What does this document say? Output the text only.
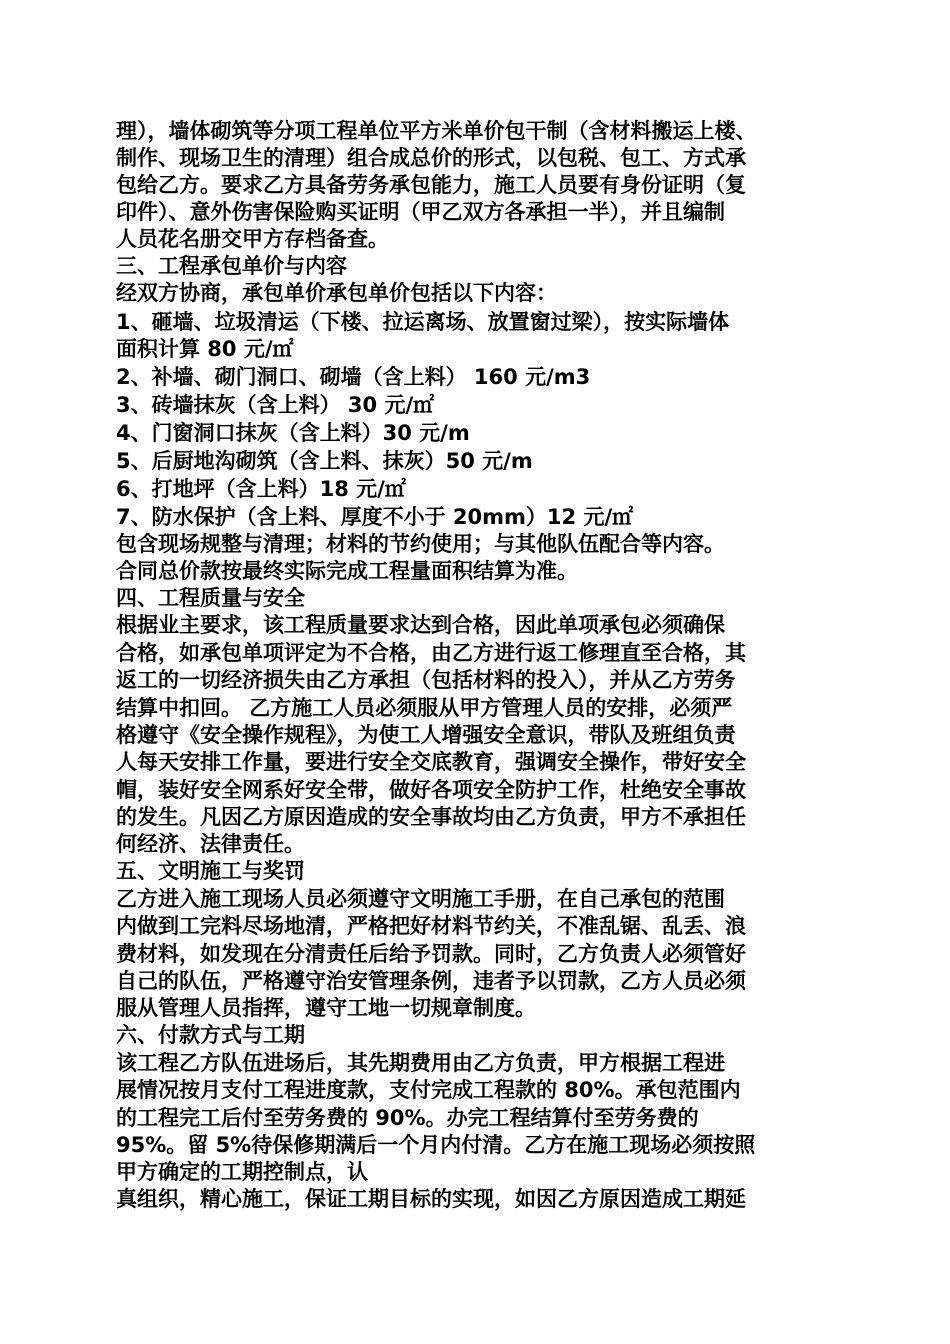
理），墙体砌筑等分项工程单位平方米单价包干制（含材料搬运上楼、
制作、现场卫生的清理）组合成总价的形式，以包税、包工、方式承
包给乙方。要求乙方具备劳务承包能力，施工人员要有身份证明（复
印件）、意外伤害保险购买证明（甲乙双方各承担一半），并且编制
人员花名册交甲方存档备查。
三、工程承包单价与内容
经双方协商，承包单价承包单价包括以下内容：
1、砸墙、垃圾清运（下楼、拉运离场、放置窗过梁），按实际墙体
面积计算 80 元/㎡
2、补墙、砌门洞口、砌墙（含上料） 160 元/m3
3、砖墙抹灰（含上料） 30 元/㎡
4、门窗洞口抹灰（含上料）30 元/m
5、后厨地沟砌筑（含上料、抹灰）50 元/m
6、打地坪（含上料）18 元/㎡
7、防水保护（含上料、厚度不小于 20mm）12 元/㎡
包含现场规整与清理；材料的节约使用；与其他队伍配合等内容。
合同总价款按最终实际完成工程量面积结算为准。
四、工程质量与安全
根据业主要求，该工程质量要求达到合格，因此单项承包必须确保
合格，如承包单项评定为不合格，由乙方进行返工修理直至合格，其
返工的一切经济损失由乙方承担（包括材料的投入），并从乙方劳务
结算中扣回。 乙方施工人员必须服从甲方管理人员的安排，必须严
格遵守《安全操作规程》，为使工人增强安全意识，带队及班组负责
人每天安排工作量，要进行安全交底教育，强调安全操作，带好安全
帽，装好安全网系好安全带，做好各项安全防护工作，杜绝安全事故
的发生。凡因乙方原因造成的安全事故均由乙方负责，甲方不承担任
何经济、法律责任。
五、文明施工与奖罚
乙方进入施工现场人员必须遵守文明施工手册，在自己承包的范围
内做到工完料尽场地清，严格把好材料节约关，不准乱锯、乱丢、浪
费材料，如发现在分清责任后给予罚款。同时，乙方负责人必须管好
自己的队伍，严格遵守治安管理条例，违者予以罚款，乙方人员必须
服从管理人员指挥，遵守工地一切规章制度。
六、付款方式与工期
该工程乙方队伍进场后，其先期费用由乙方负责，甲方根据工程进
展情况按月支付工程进度款，支付完成工程款的 80%。承包范围内
的工程完工后付至劳务费的 90%。办完工程结算付至劳务费的
95%。留 5%待保修期满后一个月内付清。乙方在施工现场必须按照
甲方确定的工期控制点，认
真组织，精心施工，保证工期目标的实现，如因乙方原因造成工期延
